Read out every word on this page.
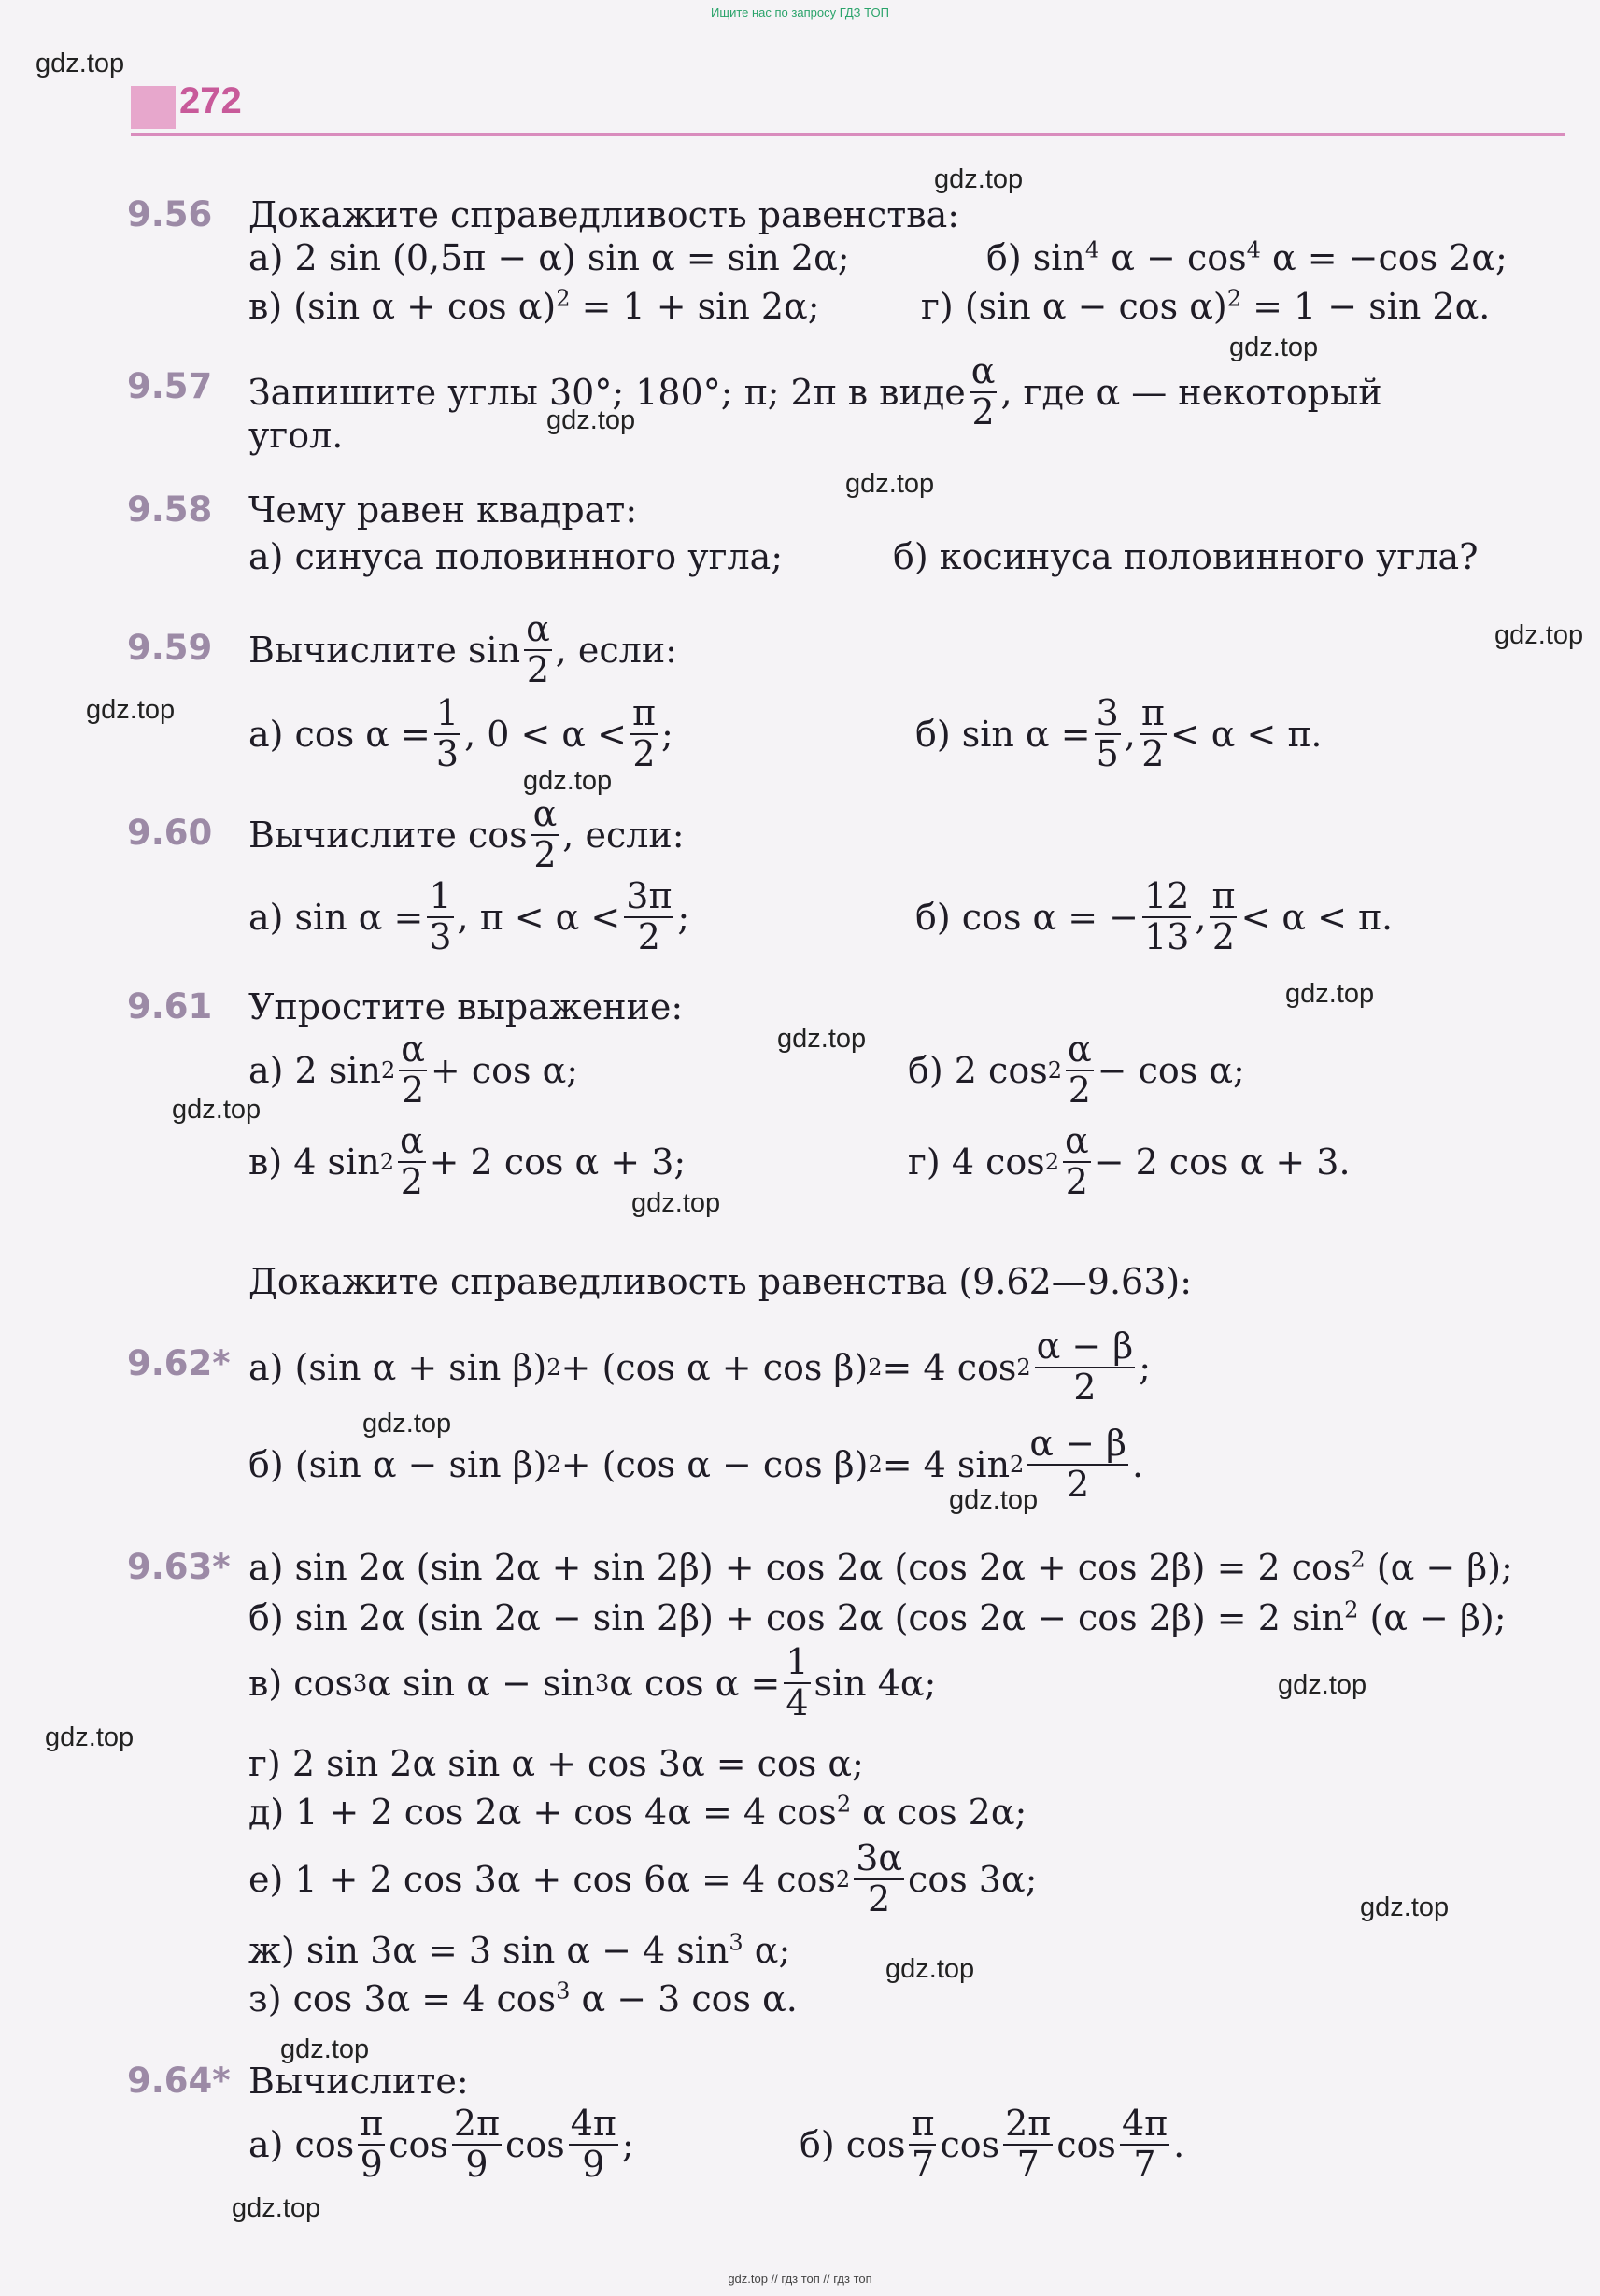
Ищите нас по запросу ГДЗ ТОП
272
gdz.top
gdz.top
gdz.top
gdz.top
gdz.top
gdz.top
gdz.top
gdz.top
gdz.top
gdz.top
gdz.top
gdz.top
gdz.top
gdz.top
gdz.top
gdz.top
gdz.top
gdz.top
gdz.top
gdz.top
9.56 Докажите справедливость равенства:
а) 2 sin (0,5π − α) sin α = sin 2α;	б) $\sin^4 \alpha - \cos^4 \alpha = -\cos$ 2α;
в) (sin α + cos α)$^2$ = 1 + sin 2α;	г) (sin α − cos α)$^2$ = 1 − sin 2α.
9.57 Запишите углы 30°; 180°; π; 2π в виде $\frac{\alpha}{2}$ , где α — некоторый
угол.
9.58 Чему равен квадрат:
а) синуса половинного угла;	б) косинуса половинного угла?
9.59 Вычислите $\sin \frac{\alpha}{2}$ , если:
а) $\cos \alpha = \frac{1}{3}$ , $0 < \alpha < \frac{\pi}{2}$ ;	б) $\sin \alpha = \frac{3}{5}$ , $\frac{\pi}{2} < \alpha < \pi$.
9.60 Вычислите $\cos \frac{\alpha}{2}$ , если:
а) $\sin \alpha = \frac{1}{3}$ , $\pi < \alpha < \frac{3\pi}{2}$ ;	б) cos α = − $\frac{12}{13}$ , $\frac{\pi}{2} < \alpha < \pi$.
9.61 Упростите выражение:
а) 2 $\sin 2 \frac{\alpha}{2} + \cos \alpha$;	б) 2 $\cos 2 \frac{\alpha}{2} - \cos \alpha$;
в) 4 $\sin 2 \frac{\alpha}{2} + 2$ cos α + 3;	г) 4 $\cos 2 \frac{\alpha}{2} - 2$ cos α + 3.
Докажите справедливость равенства (9.62—9.63):
9.62* а) (sin α + sin β) 2 + (cos α + cos β) 2 = 4 $\cos 2 \frac{\alpha - \beta}{2}$ ;
б) (sin α − sin β) 2 + (cos α − cos β) 2 = 4 $\sin 2 \frac{\alpha - \beta}{2}$ .
9.63* а) sin 2α (sin 2α + sin 2β) + cos 2α (cos 2α + cos 2β) = 2 $\cos^2 (\alpha - \beta)$;
б) sin 2α (sin 2α − sin 2β) + cos 2α (cos 2α − cos 2β) = 2 $\sin^2 (\alpha - \beta)$;
в) cos 3 α sin α − sin 3 α $\cos \alpha = \frac{1}{4}$ sin 4α;
г) 2 sin 2α sin α + cos 3α = cos α;
д) 1 + 2 cos 2α + cos 4α = 4 $\cos^2 \alpha$ cos 2α;
е) 1 + 2 cos 3α + cos 6α = 4 $\cos 2 \frac{3\alpha}{2}$ cos 3α;
ж) sin 3α = 3 sin α − 4 $\sin^3 \alpha$;
з) cos 3α = 4 $\cos^3 \alpha - 3$ cos α.
9.64* Вычислите:
а) $\cos \frac{\pi}{9}$ $\cos \frac{2\pi}{9}$ $\cos \frac{4\pi}{9}$ ;	б) $\cos \frac{\pi}{7}$ $\cos \frac{2\pi}{7}$ $\cos \frac{4\pi}{7}$ .
gdz.top // гдз топ // гдз топ
